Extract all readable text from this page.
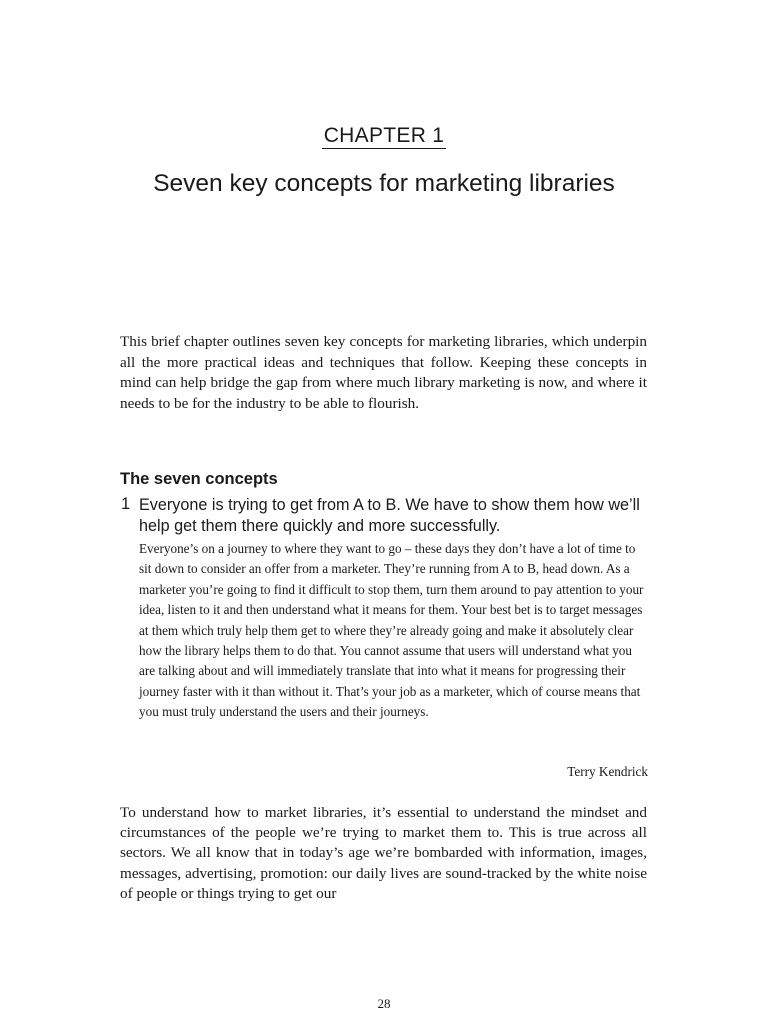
CHAPTER 1
Seven key concepts for marketing libraries

This brief chapter outlines seven key concepts for marketing libraries, which underpin all the more practical ideas and techniques that follow. Keeping these concepts in mind can help bridge the gap from where much library marketing is now, and where it needs to be for the industry to be able to flourish.

The seven concepts
1 Everyone is trying to get from A to B. We have to show them how we’ll help get them there quickly and more successfully.

Everyone’s on a journey to where they want to go – these days they don’t have a lot of time to sit down to consider an offer from a marketer. They’re running from A to B, head down. As a marketer you’re going to find it difficult to stop them, turn them around to pay attention to your idea, listen to it and then understand what it means for them. Your best bet is to target messages at them which truly help them get to where they’re already going and make it absolutely clear how the library helps them to do that. You cannot assume that users will understand what you are talking about and will immediately translate that into what it means for progressing their journey faster with it than without it. That’s your job as a marketer, which of course means that you must truly understand the users and their journeys.

Terry Kendrick

To understand how to market libraries, it’s essential to understand the mindset and circumstances of the people we’re trying to market them to. This is true across all sectors. We all know that in today’s age we’re bombarded with information, images, messages, advertising, promotion: our daily lives are sound-tracked by the white noise of people or things trying to get our

28
